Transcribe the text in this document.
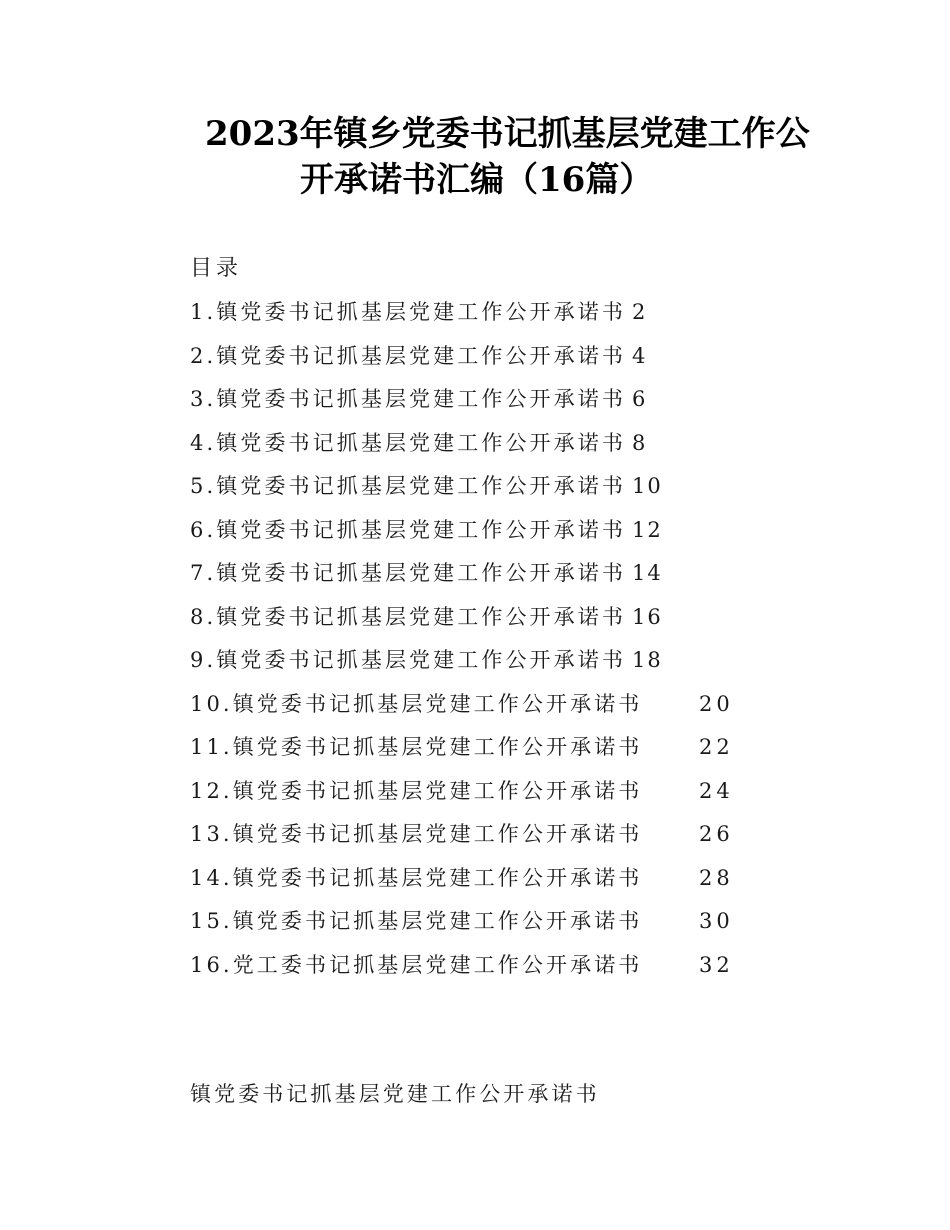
2023年镇乡党委书记抓基层党建工作公
开承诺书汇编（16篇）
目录
1.镇党委书记抓基层党建工作公开承诺书 2
2.镇党委书记抓基层党建工作公开承诺书 4
3.镇党委书记抓基层党建工作公开承诺书 6
4.镇党委书记抓基层党建工作公开承诺书 8
5.镇党委书记抓基层党建工作公开承诺书 10
6.镇党委书记抓基层党建工作公开承诺书 12
7.镇党委书记抓基层党建工作公开承诺书 14
8.镇党委书记抓基层党建工作公开承诺书 16
9.镇党委书记抓基层党建工作公开承诺书 18
10.镇党委书记抓基层党建工作公开承诺书	20
11.镇党委书记抓基层党建工作公开承诺书	22
12.镇党委书记抓基层党建工作公开承诺书	24
13.镇党委书记抓基层党建工作公开承诺书	26
14.镇党委书记抓基层党建工作公开承诺书	28
15.镇党委书记抓基层党建工作公开承诺书	30
16.党工委书记抓基层党建工作公开承诺书	32
镇党委书记抓基层党建工作公开承诺书
